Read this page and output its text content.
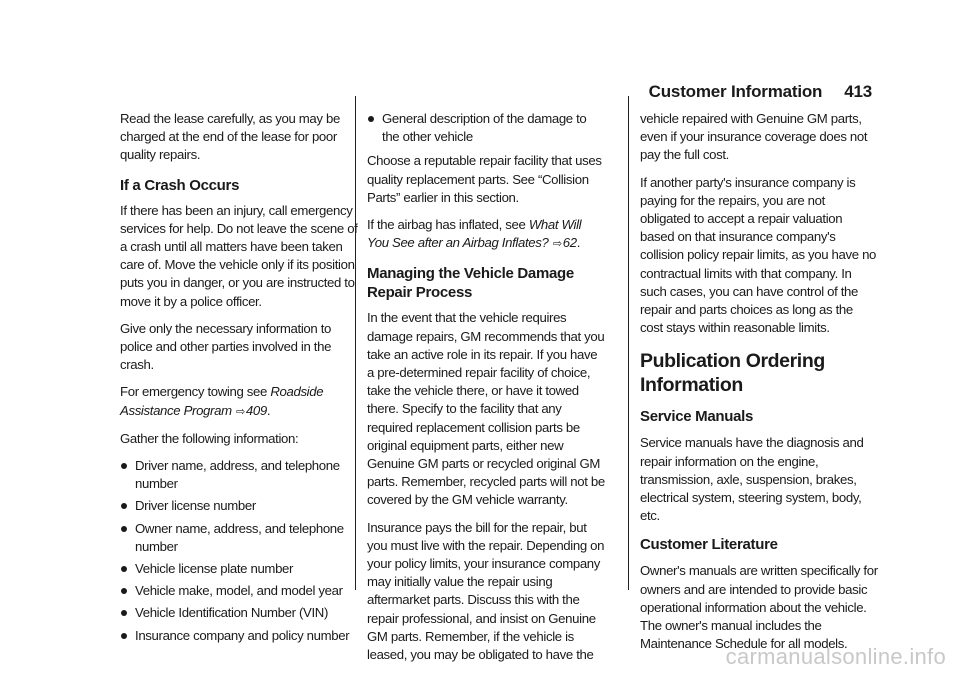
Customer Information 413

Read the lease carefully, as you may be charged at the end of the lease for poor quality repairs.

If a Crash Occurs

If there has been an injury, call emergency services for help. Do not leave the scene of a crash until all matters have been taken care of. Move the vehicle only if its position puts you in danger, or you are instructed to move it by a police officer.

Give only the necessary information to police and other parties involved in the crash.

For emergency towing see Roadside Assistance Program ⇨409.

Gather the following information:

Driver name, address, and telephone number
Driver license number
Owner name, address, and telephone number
Vehicle license plate number
Vehicle make, model, and model year
Vehicle Identification Number (VIN)
Insurance company and policy number
General description of the damage to the other vehicle

Choose a reputable repair facility that uses quality replacement parts. See “Collision Parts” earlier in this section.

If the airbag has inflated, see What Will You See after an Airbag Inflates? ⇨62.

Managing the Vehicle Damage Repair Process

In the event that the vehicle requires damage repairs, GM recommends that you take an active role in its repair. If you have a pre-determined repair facility of choice, take the vehicle there, or have it towed there. Specify to the facility that any required replacement collision parts be original equipment parts, either new Genuine GM parts or recycled original GM parts. Remember, recycled parts will not be covered by the GM vehicle warranty.

Insurance pays the bill for the repair, but you must live with the repair. Depending on your policy limits, your insurance company may initially value the repair using aftermarket parts. Discuss this with the repair professional, and insist on Genuine GM parts. Remember, if the vehicle is leased, you may be obligated to have the

vehicle repaired with Genuine GM parts, even if your insurance coverage does not pay the full cost.

If another party's insurance company is paying for the repairs, you are not obligated to accept a repair valuation based on that insurance company's collision policy repair limits, as you have no contractual limits with that company. In such cases, you can have control of the repair and parts choices as long as the cost stays within reasonable limits.

Publication Ordering Information
Service Manuals

Service manuals have the diagnosis and repair information on the engine, transmission, axle, suspension, brakes, electrical system, steering system, body, etc.

Customer Literature

Owner's manuals are written specifically for owners and are intended to provide basic operational information about the vehicle. The owner's manual includes the Maintenance Schedule for all models.

carmanualsonline.info
